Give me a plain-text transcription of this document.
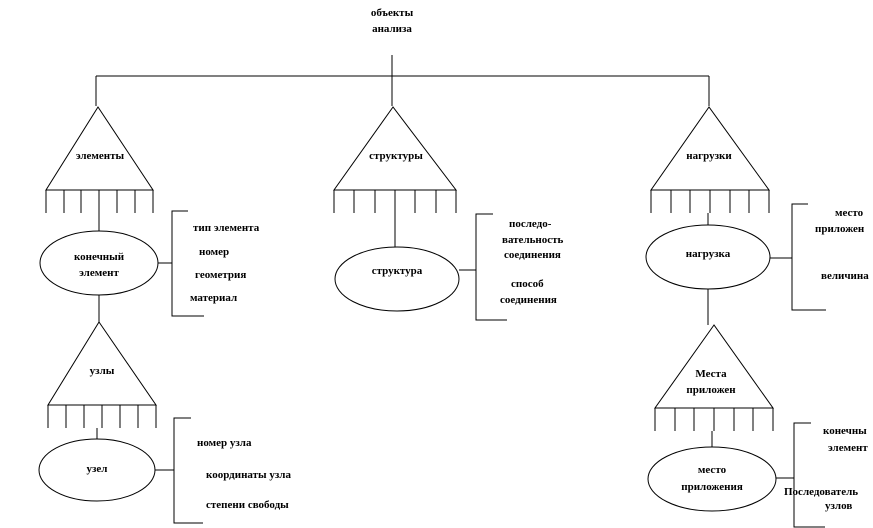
объекты
анализа
элементы
конечный
элемент
тип элемента
номер
геометрия
материал
узлы
узел
номер узла
координаты узла
степени свободы
структуры
структура
последо-
вательность
соединения
способ
соединения
нагрузки
нагрузка
место
приложен
величина
Места
приложен
место
приложения
конечны
элемент
Последователь
узлов
